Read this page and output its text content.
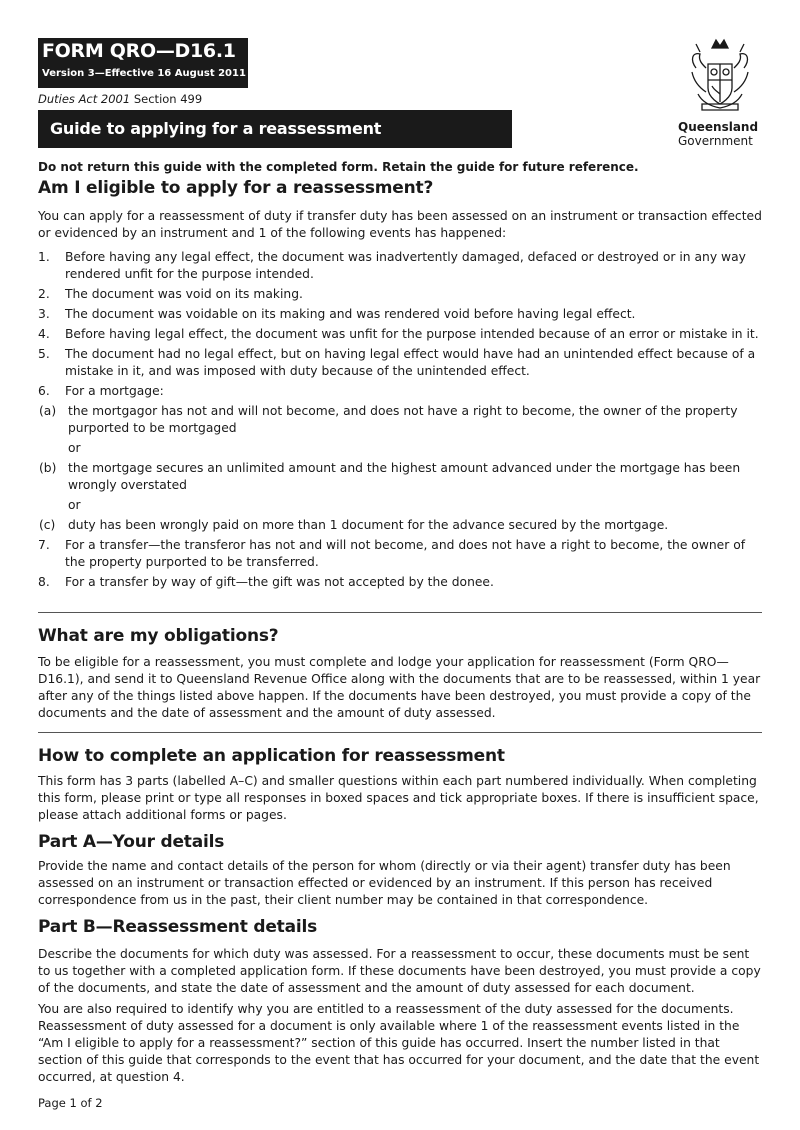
FORM QRO—D16.1
Version 3—Effective 16 August 2011
Duties Act 2001 Section 499
Guide to applying for a reassessment	Queensland
Government
Do not return this guide with the completed form. Retain the guide for future reference.
Am I eligible to apply for a reassessment?

You can apply for a reassessment of duty if transfer duty has been assessed on an instrument or transaction effected or evidenced by an instrument and 1 of the following events has happened:

1. Before having any legal effect, the document was inadvertently damaged, defaced or destroyed or in any way rendered unfit for the purpose intended.
2. The document was void on its making.
3. The document was voidable on its making and was rendered void before having legal effect.
4. Before having legal effect, the document was unfit for the purpose intended because of an error or mistake in it.
5. The document had no legal effect, but on having legal effect would have had an unintended effect because of a mistake in it, and was imposed with duty because of the unintended effect.
6. For a mortgage:
(a) the mortgagor has not and will not become, and does not have a right to become, the owner of the property purported to be mortgaged
or
(b) the mortgage secures an unlimited amount and the highest amount advanced under the mortgage has been wrongly overstated
or
(c) duty has been wrongly paid on more than 1 document for the advance secured by the mortgage.
7. For a transfer—the transferor has not and will not become, and does not have a right to become, the owner of the property purported to be transferred.
8. For a transfer by way of gift—the gift was not accepted by the donee.
What are my obligations?

To be eligible for a reassessment, you must complete and lodge your application for reassessment (Form QRO—D16.1), and send it to Queensland Revenue Office along with the documents that are to be reassessed, within 1 year after any of the things listed above happen. If the documents have been destroyed, you must provide a copy of the documents and the date of assessment and the amount of duty assessed.

How to complete an application for reassessment

This form has 3 parts (labelled A–C) and smaller questions within each part numbered individually. When completing this form, please print or type all responses in boxed spaces and tick appropriate boxes. If there is insufficient space, please attach additional forms or pages.

Part A—Your details

Provide the name and contact details of the person for whom (directly or via their agent) transfer duty has been assessed on an instrument or transaction effected or evidenced by an instrument. If this person has received correspondence from us in the past, their client number may be contained in that correspondence.

Part B—Reassessment details

Describe the documents for which duty was assessed. For a reassessment to occur, these documents must be sent to us together with a completed application form. If these documents have been destroyed, you must provide a copy of the documents, and state the date of assessment and the amount of duty assessed for each document.

You are also required to identify why you are entitled to a reassessment of the duty assessed for the documents. Reassessment of duty assessed for a document is only available where 1 of the reassessment events listed in the “Am I eligible to apply for a reassessment?” section of this guide has occurred. Insert the number listed in that section of this guide that corresponds to the event that has occurred for your document, and the date that the event occurred, at question 4.

Page 1 of 2
